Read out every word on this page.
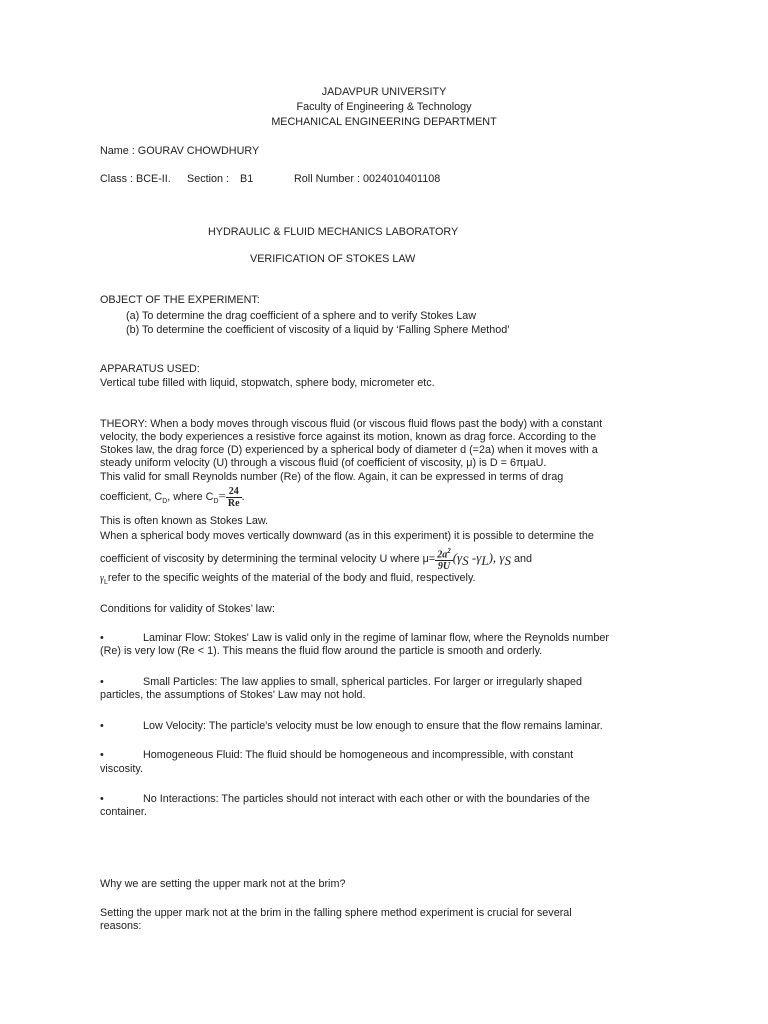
JADAVPUR UNIVERSITY
Faculty of Engineering & Technology
MECHANICAL ENGINEERING DEPARTMENT
Name : GOURAV CHOWDHURY
Class : BCE-II. Section : B1	Roll Number : 0024010401108
HYDRAULIC & FLUID MECHANICS LABORATORY
VERIFICATION OF STOKES LAW
OBJECT OF THE EXPERIMENT:
(a) To determine the drag coefficient of a sphere and to verify Stokes Law
(b) To determine the coefficient of viscosity of a liquid by ‘Falling Sphere Method’
APPARATUS USED:
Vertical tube filled with liquid, stopwatch, sphere body, micrometer etc.
THEORY: When a body moves through viscous fluid (or viscous fluid flows past the body) with a constant
velocity, the body experiences a resistive force against its motion, known as drag force. According to the
Stokes law, the drag force (D) experienced by a spherical body of diameter d (=2a) when it moves with a
steady uniform velocity (U) through a viscous fluid (of coefficient of viscosity, μ) is D = 6πμaU.
This valid for small Reynolds number (Re) of the flow. Again, it can be expressed in terms of drag
coefficient, $C_D$, where $C_D= \frac{24}{Re}$ .
This is often known as Stokes Law.
When a spherical body moves vertically downward (as in this experiment) it is possible to determine the
coefficient of viscosity by determining the terminal velocity U where $\mu= \frac{2a^2}{9U} (\gamma_S$ $-\gamma_L$), $\gamma_S$ and
$\gamma_Lrefer$ to the specific weights of the material of the body and fluid, respectively.
Conditions for validity of Stokes’ law:
•	Laminar Flow: Stokes' Law is valid only in the regime of laminar flow, where the Reynolds number
(Re) is very low (Re < 1). This means the fluid flow around the particle is smooth and orderly.
•	Small Particles: The law applies to small, spherical particles. For larger or irregularly shaped
particles, the assumptions of Stokes' Law may not hold.
•	Low Velocity: The particle's velocity must be low enough to ensure that the flow remains laminar.
•	Homogeneous Fluid: The fluid should be homogeneous and incompressible, with constant
viscosity.
•	No Interactions: The particles should not interact with each other or with the boundaries of the
container.
Why we are setting the upper mark not at the brim?
Setting the upper mark not at the brim in the falling sphere method experiment is crucial for several
reasons:
